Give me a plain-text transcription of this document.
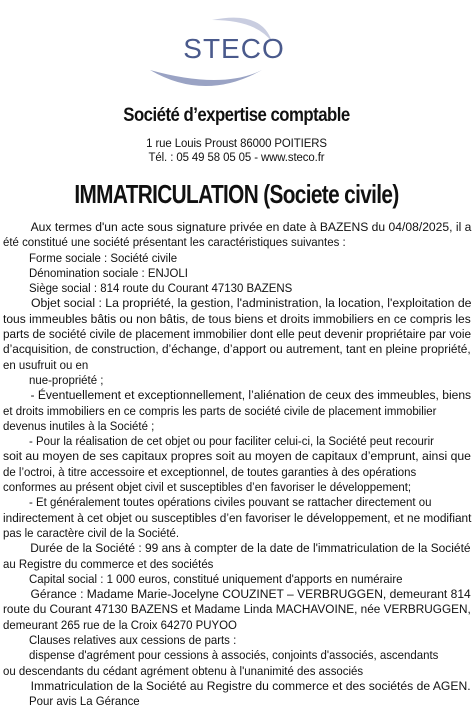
STECO
Société d’expertise comptable
1 rue Louis Proust 86000 POITIERS
Tél. : 05 49 58 05 05 - www.steco.fr
IMMATRICULATION (Societe civile)
Aux termes d'un acte sous signature privée en date à BAZENS du 04/08/2025, il a
été constitué une société présentant les caractéristiques suivantes :
Forme sociale : Société civile
Dénomination sociale : ENJOLI
Siège social : 814 route du Courant 47130 BAZENS
Objet social : La propriété, la gestion, l'administration, la location, l'exploitation de
tous immeubles bâtis ou non bâtis, de tous biens et droits immobiliers en ce compris les
parts de société civile de placement immobilier dont elle peut devenir propriétaire par voie
d’acquisition, de construction, d’échange, d’apport ou autrement, tant en pleine propriété,
en usufruit ou en
nue-propriété ;
- Éventuellement et exceptionnellement, l’aliénation de ceux des immeubles, biens
et droits immobiliers en ce compris les parts de société civile de placement immobilier
devenus inutiles à la Société ;
- Pour la réalisation de cet objet ou pour faciliter celui-ci, la Société peut recourir
soit au moyen de ses capitaux propres soit au moyen de capitaux d’emprunt, ainsi que
de l’octroi, à titre accessoire et exceptionnel, de toutes garanties à des opérations
conformes au présent objet civil et susceptibles d’en favoriser le développement;
- Et généralement toutes opérations civiles pouvant se rattacher directement ou
indirectement à cet objet ou susceptibles d’en favoriser le développement, et ne modifiant
pas le caractère civil de la Société.
Durée de la Société : 99 ans à compter de la date de l'immatriculation de la Société
au Registre du commerce et des sociétés
Capital social : 1 000 euros, constitué uniquement d'apports en numéraire
Gérance : Madame Marie-Jocelyne COUZINET – VERBRUGGEN, demeurant 814
route du Courant 47130 BAZENS et Madame Linda MACHAVOINE, née VERBRUGGEN,
demeurant 265 rue de la Croix 64270 PUYOO
Clauses relatives aux cessions de parts :
dispense d'agrément pour cessions à associés, conjoints d'associés, ascendants
ou descendants du cédant agrément obtenu à l'unanimité des associés
Immatriculation de la Société au Registre du commerce et des sociétés de AGEN.
Pour avis La Gérance
